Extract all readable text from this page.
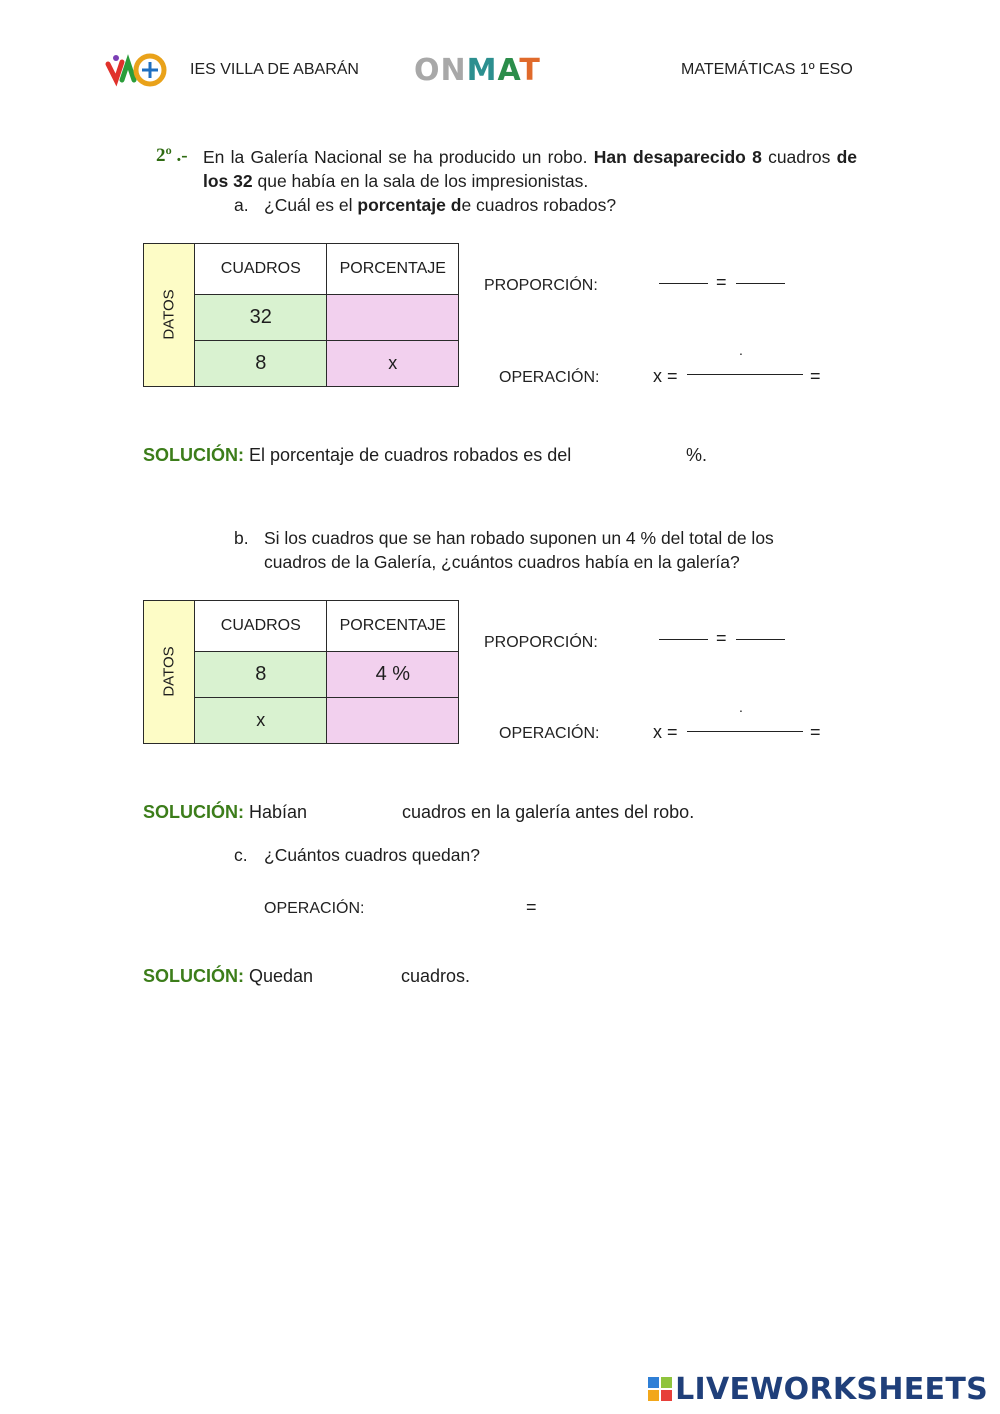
IES VILLA DE ABARÁN ONMAT	MATEMÁTICAS 1º ESO
2º .- En la Galería Nacional se ha producido un robo. Han desaparecido 8 cuadros de los 32 que había en la sala de los impresionistas.
a. ¿Cuál es el porcentaje de cuadros robados?
DATOS	CUADROS	PORCENTAJE
	32	
	8	x
PROPORCIÓN:	=
.
OPERACIÓN:	x =	=
SOLUCIÓN: El porcentaje de cuadros robados es del	%.
b. Si los cuadros que se han robado suponen un 4 % del total de los
cuadros de la Galería, ¿cuántos cuadros había en la galería?
DATOS	CUADROS	PORCENTAJE
	8	4 %
	x	
PROPORCIÓN:	=
.
OPERACIÓN:	x =	=
SOLUCIÓN: Habían	cuadros en la galería antes del robo.
c. ¿Cuántos cuadros quedan?
OPERACIÓN:	=
SOLUCIÓN: Quedan	cuadros.
LIVEWORKSHEETS
